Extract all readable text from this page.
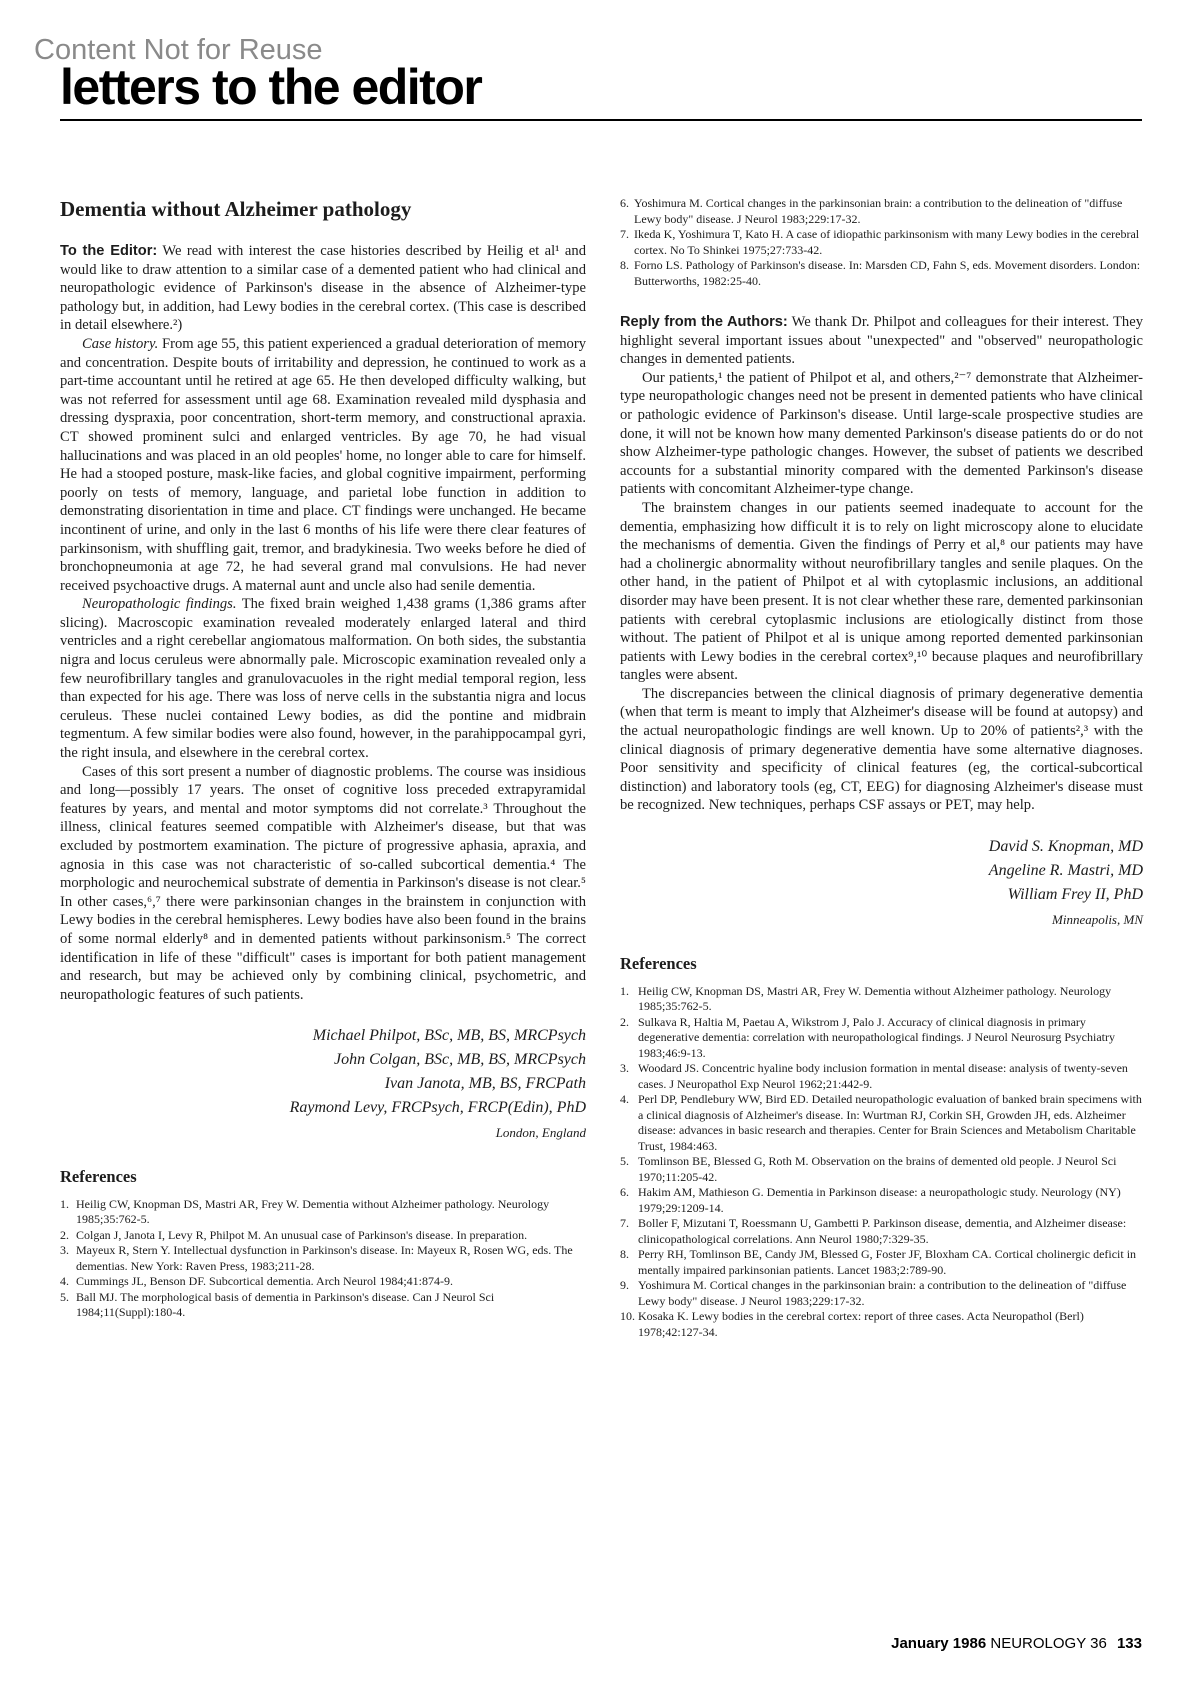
Content Not for Reuse
letters to the editor
Dementia without Alzheimer pathology

To the Editor: We read with interest the case histories described by Heilig et al¹ and would like to draw attention to a similar case of a demented patient who had clinical and neuropathologic evidence of Parkinson's disease in the absence of Alzheimer-type pathology but, in addition, had Lewy bodies in the cerebral cortex. (This case is described in detail elsewhere.²)

Case history. From age 55, this patient experienced a gradual deterioration of memory and concentration. Despite bouts of irritability and depression, he continued to work as a part-time accountant until he retired at age 65. He then developed difficulty walking, but was not referred for assessment until age 68. Examination revealed mild dysphasia and dressing dyspraxia, poor concentration, short-term memory, and constructional apraxia. CT showed prominent sulci and enlarged ventricles. By age 70, he had visual hallucinations and was placed in an old peoples' home, no longer able to care for himself. He had a stooped posture, mask-like facies, and global cognitive impairment, performing poorly on tests of memory, language, and parietal lobe function in addition to demonstrating disorientation in time and place. CT findings were unchanged. He became incontinent of urine, and only in the last 6 months of his life were there clear features of parkinsonism, with shuffling gait, tremor, and bradykinesia. Two weeks before he died of bronchopneumonia at age 72, he had several grand mal convulsions. He had never received psychoactive drugs. A maternal aunt and uncle also had senile dementia.

Neuropathologic findings. The fixed brain weighed 1,438 grams (1,386 grams after slicing). Macroscopic examination revealed moderately enlarged lateral and third ventricles and a right cerebellar angiomatous malformation. On both sides, the substantia nigra and locus ceruleus were abnormally pale. Microscopic examination revealed only a few neurofibrillary tangles and granulovacuoles in the right medial temporal region, less than expected for his age. There was loss of nerve cells in the substantia nigra and locus ceruleus. These nuclei contained Lewy bodies, as did the pontine and midbrain tegmentum. A few similar bodies were also found, however, in the parahippocampal gyri, the right insula, and elsewhere in the cerebral cortex.

Cases of this sort present a number of diagnostic problems. The course was insidious and long—possibly 17 years. The onset of cognitive loss preceded extrapyramidal features by years, and mental and motor symptoms did not correlate.³ Throughout the illness, clinical features seemed compatible with Alzheimer's disease, but that was excluded by postmortem examination. The picture of progressive aphasia, apraxia, and agnosia in this case was not characteristic of so-called subcortical dementia.⁴ The morphologic and neurochemical substrate of dementia in Parkinson's disease is not clear.⁵ In other cases,⁶,⁷ there were parkinsonian changes in the brainstem in conjunction with Lewy bodies in the cerebral hemispheres. Lewy bodies have also been found in the brains of some normal elderly⁸ and in demented patients without parkinsonism.⁵ The correct identification in life of these "difficult" cases is important for both patient management and research, but may be achieved only by combining clinical, psychometric, and neuropathologic features of such patients.

Michael Philpot, BSc, MB, BS, MRCPsych
John Colgan, BSc, MB, BS, MRCPsych
Ivan Janota, MB, BS, FRCPath
Raymond Levy, FRCPsych, FRCP(Edin), PhD
London, England
References
1. Heilig CW, Knopman DS, Mastri AR, Frey W. Dementia without Alzheimer pathology. Neurology 1985;35:762-5.
2. Colgan J, Janota I, Levy R, Philpot M. An unusual case of Parkinson's disease. In preparation.
3. Mayeux R, Stern Y. Intellectual dysfunction in Parkinson's disease. In: Mayeux R, Rosen WG, eds. The dementias. New York: Raven Press, 1983;211-28.
4. Cummings JL, Benson DF. Subcortical dementia. Arch Neurol 1984;41:874-9.
5. Ball MJ. The morphological basis of dementia in Parkinson's disease. Can J Neurol Sci 1984;11(Suppl):180-4.
6. Yoshimura M. Cortical changes in the parkinsonian brain: a contribution to the delineation of "diffuse Lewy body" disease. J Neurol 1983;229:17-32.
7. Ikeda K, Yoshimura T, Kato H. A case of idiopathic parkinsonism with many Lewy bodies in the cerebral cortex. No To Shinkei 1975;27:733-42.
8. Forno LS. Pathology of Parkinson's disease. In: Marsden CD, Fahn S, eds. Movement disorders. London: Butterworths, 1982:25-40.

Reply from the Authors: We thank Dr. Philpot and colleagues for their interest. They highlight several important issues about "unexpected" and "observed" neuropathologic changes in demented patients.

Our patients,¹ the patient of Philpot et al, and others,²⁻⁷ demonstrate that Alzheimer-type neuropathologic changes need not be present in demented patients who have clinical or pathologic evidence of Parkinson's disease. Until large-scale prospective studies are done, it will not be known how many demented Parkinson's disease patients do or do not show Alzheimer-type pathologic changes. However, the subset of patients we described accounts for a substantial minority compared with the demented Parkinson's disease patients with concomitant Alzheimer-type change.

The brainstem changes in our patients seemed inadequate to account for the dementia, emphasizing how difficult it is to rely on light microscopy alone to elucidate the mechanisms of dementia. Given the findings of Perry et al,⁸ our patients may have had a cholinergic abnormality without neurofibrillary tangles and senile plaques. On the other hand, in the patient of Philpot et al with cytoplasmic inclusions, an additional disorder may have been present. It is not clear whether these rare, demented parkinsonian patients with cerebral cytoplasmic inclusions are etiologically distinct from those without. The patient of Philpot et al is unique among reported demented parkinsonian patients with Lewy bodies in the cerebral cortex⁹,¹⁰ because plaques and neurofibrillary tangles were absent.

The discrepancies between the clinical diagnosis of primary degenerative dementia (when that term is meant to imply that Alzheimer's disease will be found at autopsy) and the actual neuropathologic findings are well known. Up to 20% of patients²,³ with the clinical diagnosis of primary degenerative dementia have some alternative diagnoses. Poor sensitivity and specificity of clinical features (eg, the cortical-subcortical distinction) and laboratory tools (eg, CT, EEG) for diagnosing Alzheimer's disease must be recognized. New techniques, perhaps CSF assays or PET, may help.

David S. Knopman, MD
Angeline R. Mastri, MD
William Frey II, PhD
Minneapolis, MN
References
1. Heilig CW, Knopman DS, Mastri AR, Frey W. Dementia without Alzheimer pathology. Neurology 1985;35:762-5.
2. Sulkava R, Haltia M, Paetau A, Wikstrom J, Palo J. Accuracy of clinical diagnosis in primary degenerative dementia: correlation with neuropathological findings. J Neurol Neurosurg Psychiatry 1983;46:9-13.
3. Woodard JS. Concentric hyaline body inclusion formation in mental disease: analysis of twenty-seven cases. J Neuropathol Exp Neurol 1962;21:442-9.
4. Perl DP, Pendlebury WW, Bird ED. Detailed neuropathologic evaluation of banked brain specimens with a clinical diagnosis of Alzheimer's disease. In: Wurtman RJ, Corkin SH, Growden JH, eds. Alzheimer disease: advances in basic research and therapies. Center for Brain Sciences and Metabolism Charitable Trust, 1984:463.
5. Tomlinson BE, Blessed G, Roth M. Observation on the brains of demented old people. J Neurol Sci 1970;11:205-42.
6. Hakim AM, Mathieson G. Dementia in Parkinson disease: a neuropathologic study. Neurology (NY) 1979;29:1209-14.
7. Boller F, Mizutani T, Roessmann U, Gambetti P. Parkinson disease, dementia, and Alzheimer disease: clinicopathological correlations. Ann Neurol 1980;7:329-35.
8. Perry RH, Tomlinson BE, Candy JM, Blessed G, Foster JF, Bloxham CA. Cortical cholinergic deficit in mentally impaired parkinsonian patients. Lancet 1983;2:789-90.
9. Yoshimura M. Cortical changes in the parkinsonian brain: a contribution to the delineation of "diffuse Lewy body" disease. J Neurol 1983;229:17-32.
10. Kosaka K. Lewy bodies in the cerebral cortex: report of three cases. Acta Neuropathol (Berl) 1978;42:127-34.
January 1986 NEUROLOGY 36 133
